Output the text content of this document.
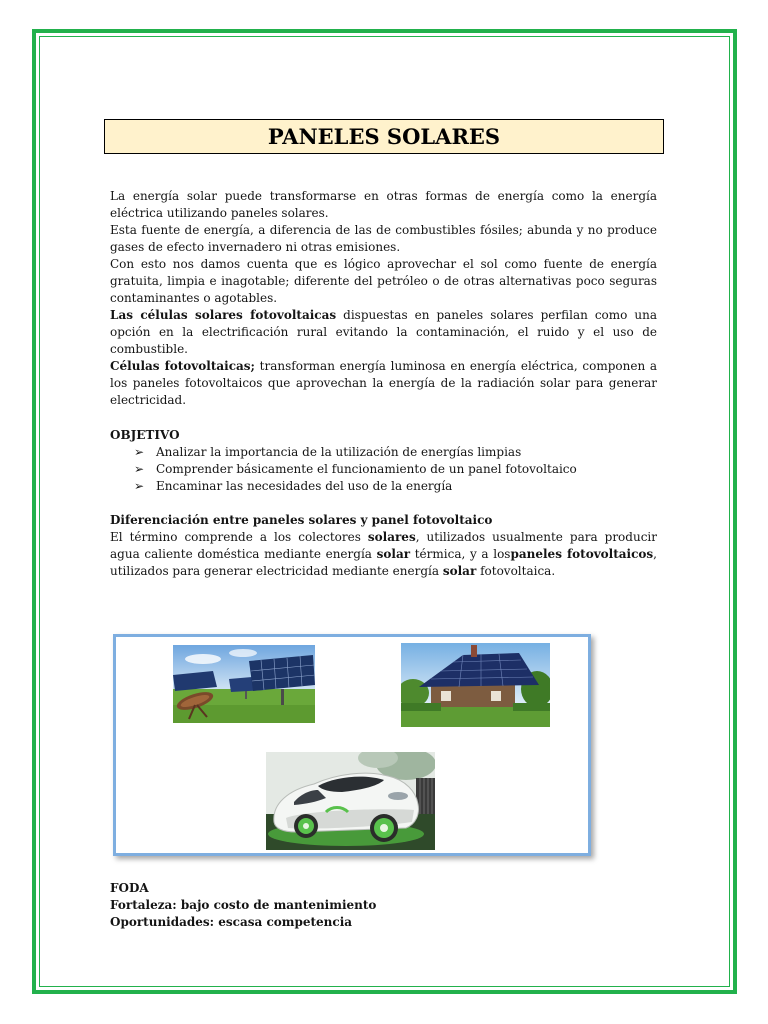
PANELES SOLARES

La energía solar puede transformarse en otras formas de energía como la energía eléctrica utilizando paneles solares.

Esta fuente de energía, a diferencia de las de combustibles fósiles; abunda y no produce gases de efecto invernadero ni otras emisiones.

Con esto nos damos cuenta que es lógico aprovechar el sol como fuente de energía gratuita, limpia e inagotable; diferente del petróleo o de otras alternativas poco seguras contaminantes o agotables.

Las células solares fotovoltaicas dispuestas en paneles solares perfilan como una opción en la electrificación rural evitando la contaminación, el ruido y el uso de combustible.

Células fotovoltaicas; transforman energía luminosa en energía eléctrica, componen a los paneles fotovoltaicos que aprovechan la energía de la radiación solar para generar electricidad.

OBJETIVO
➢ Analizar la importancia de la utilización de energías limpias
➢ Comprender básicamente el funcionamiento de un panel fotovoltaico
➢ Encaminar las necesidades del uso de la energía
Diferenciación entre paneles solares y panel fotovoltaico

El término comprende a los colectores solares, utilizados usualmente para producir agua caliente doméstica mediante energía solar térmica, y a lospaneles fotovoltaicos, utilizados para generar electricidad mediante energía solar fotovoltaica.

FODA
Fortaleza: bajo costo de mantenimiento
Oportunidades: escasa competencia
